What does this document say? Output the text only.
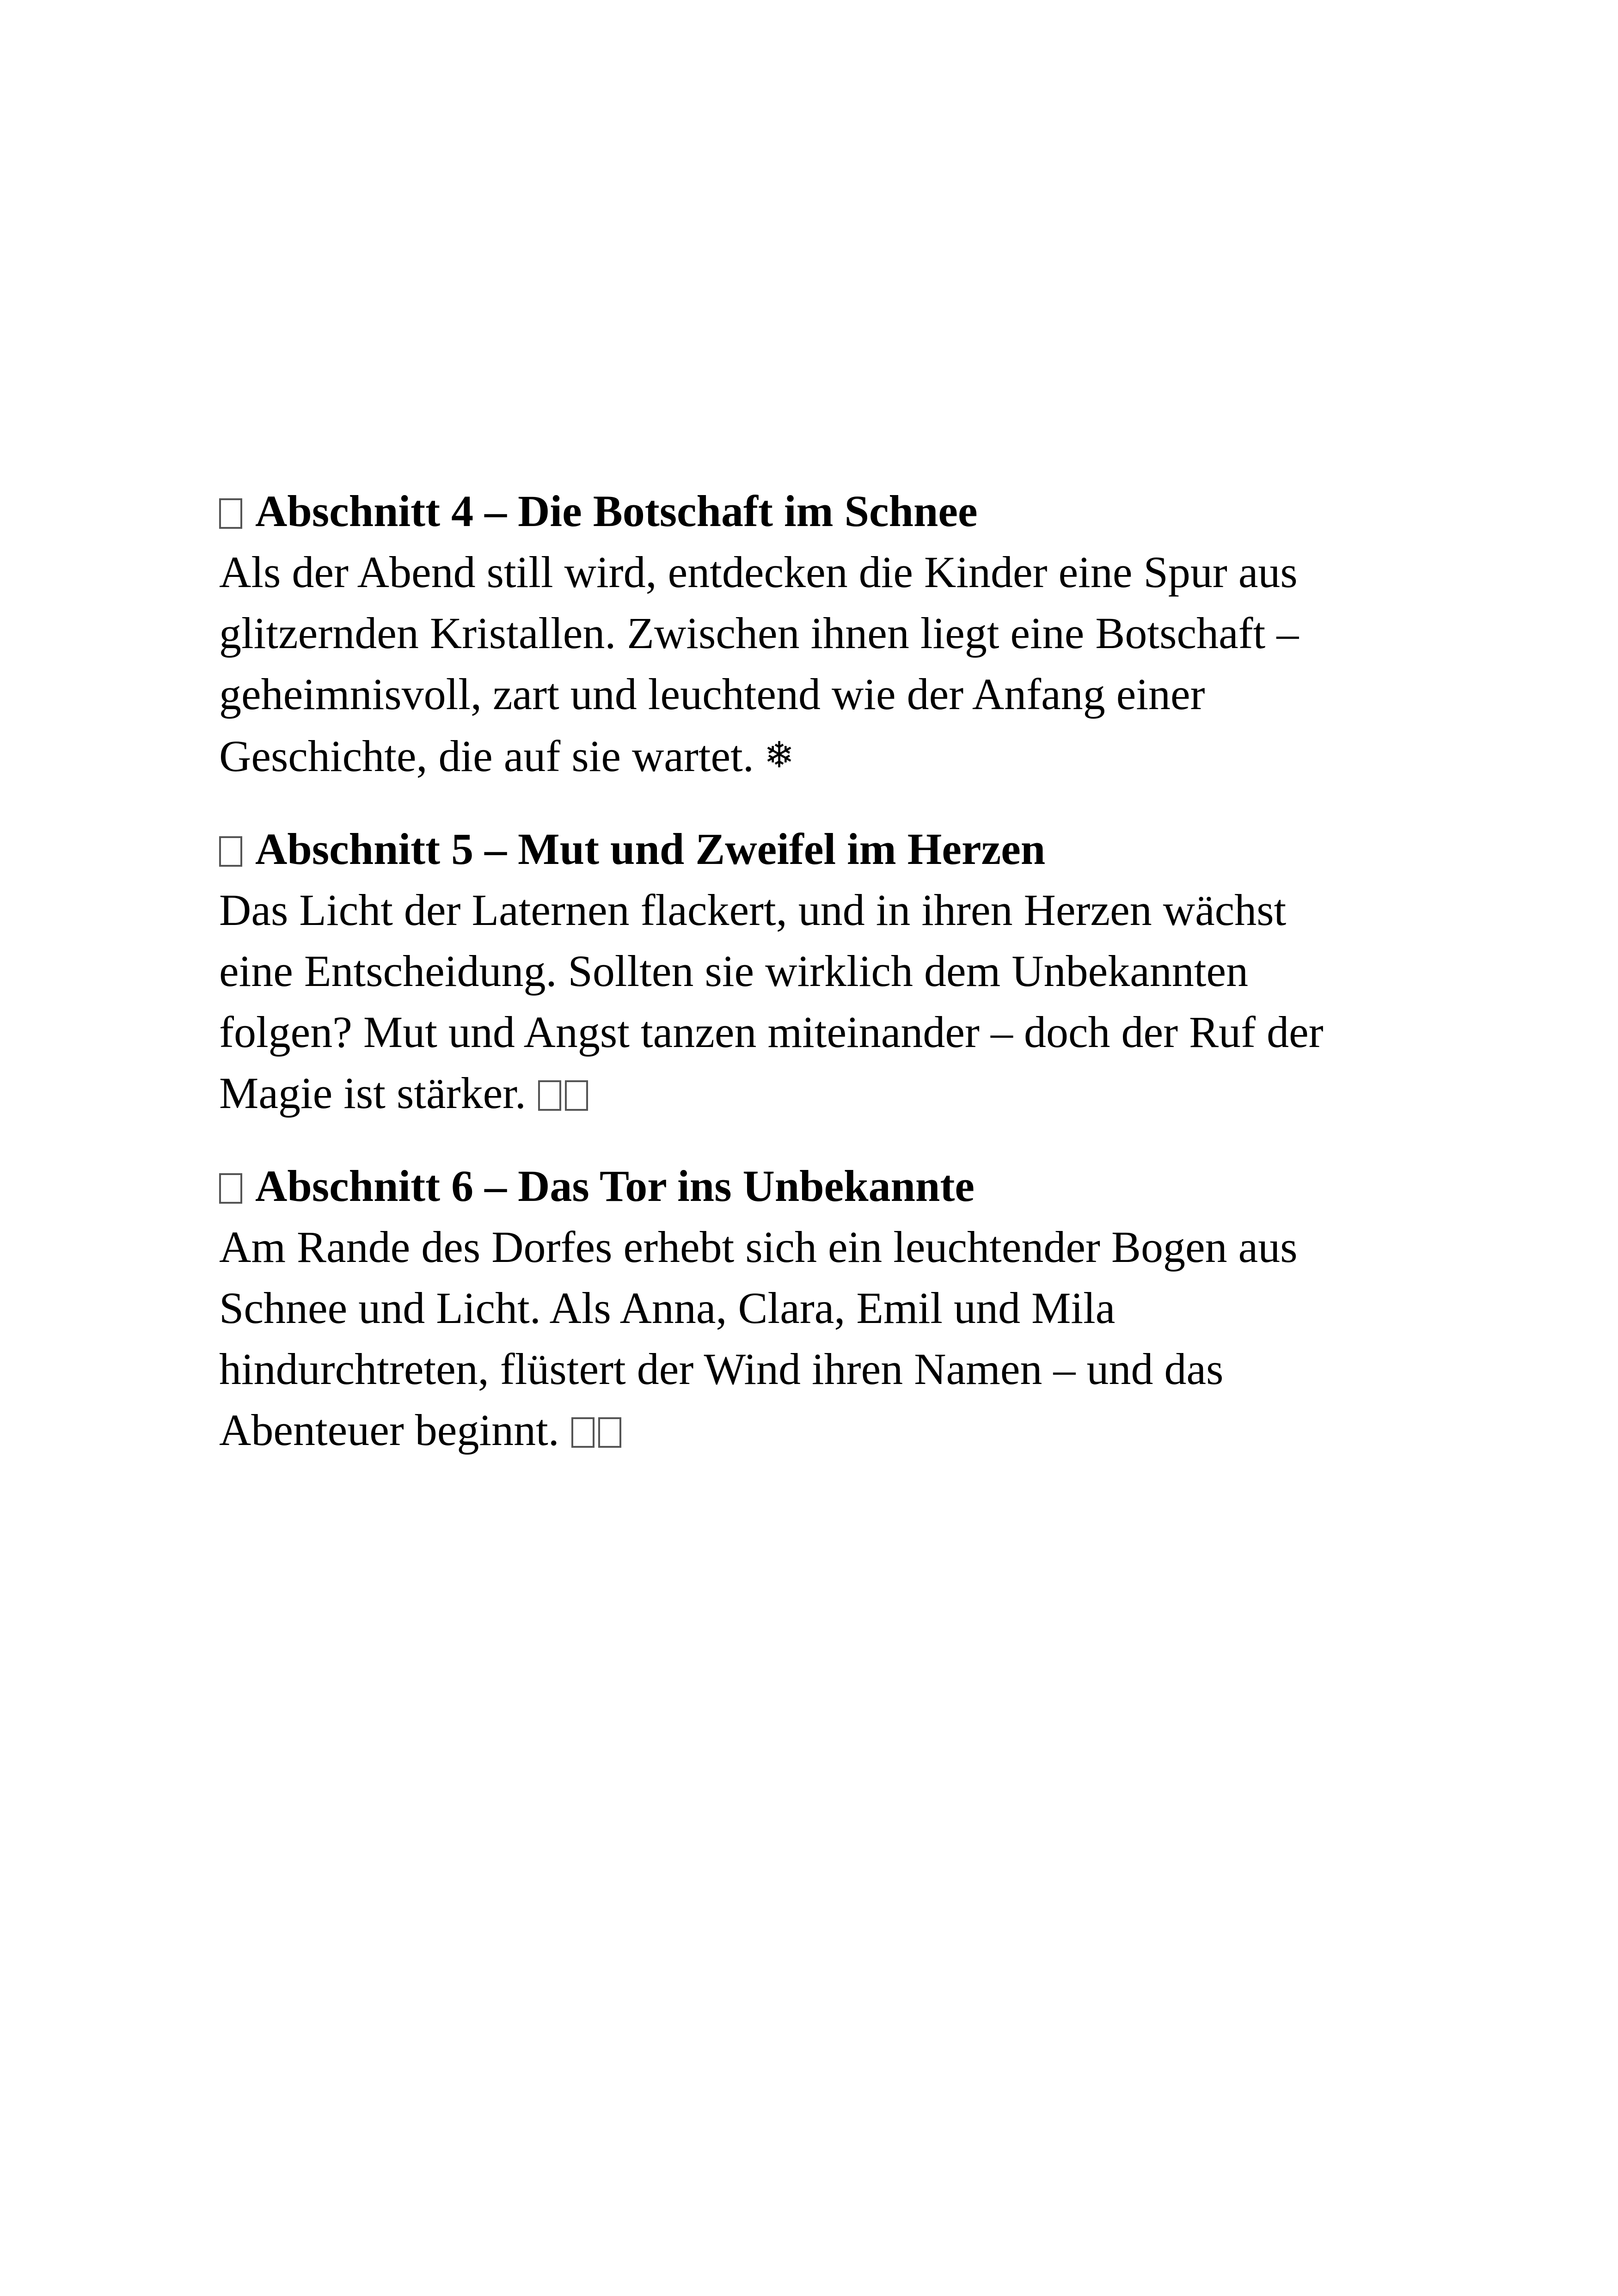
Abschnitt 4 – Die Botschaft im Schnee
Als der Abend still wird, entdecken die Kinder eine Spur aus
glitzernden Kristallen. Zwischen ihnen liegt eine Botschaft –
geheimnisvoll, zart und leuchtend wie der Anfang einer
Geschichte, die auf sie wartet. ❄
Abschnitt 5 – Mut und Zweifel im Herzen
Das Licht der Laternen flackert, und in ihren Herzen wächst
eine Entscheidung. Sollten sie wirklich dem Unbekannten
folgen? Mut und Angst tanzen miteinander – doch der Ruf der
Magie ist stärker.
Abschnitt 6 – Das Tor ins Unbekannte
Am Rande des Dorfes erhebt sich ein leuchtender Bogen aus
Schnee und Licht. Als Anna, Clara, Emil und Mila
hindurchtreten, flüstert der Wind ihren Namen – und das
Abenteuer beginnt.
